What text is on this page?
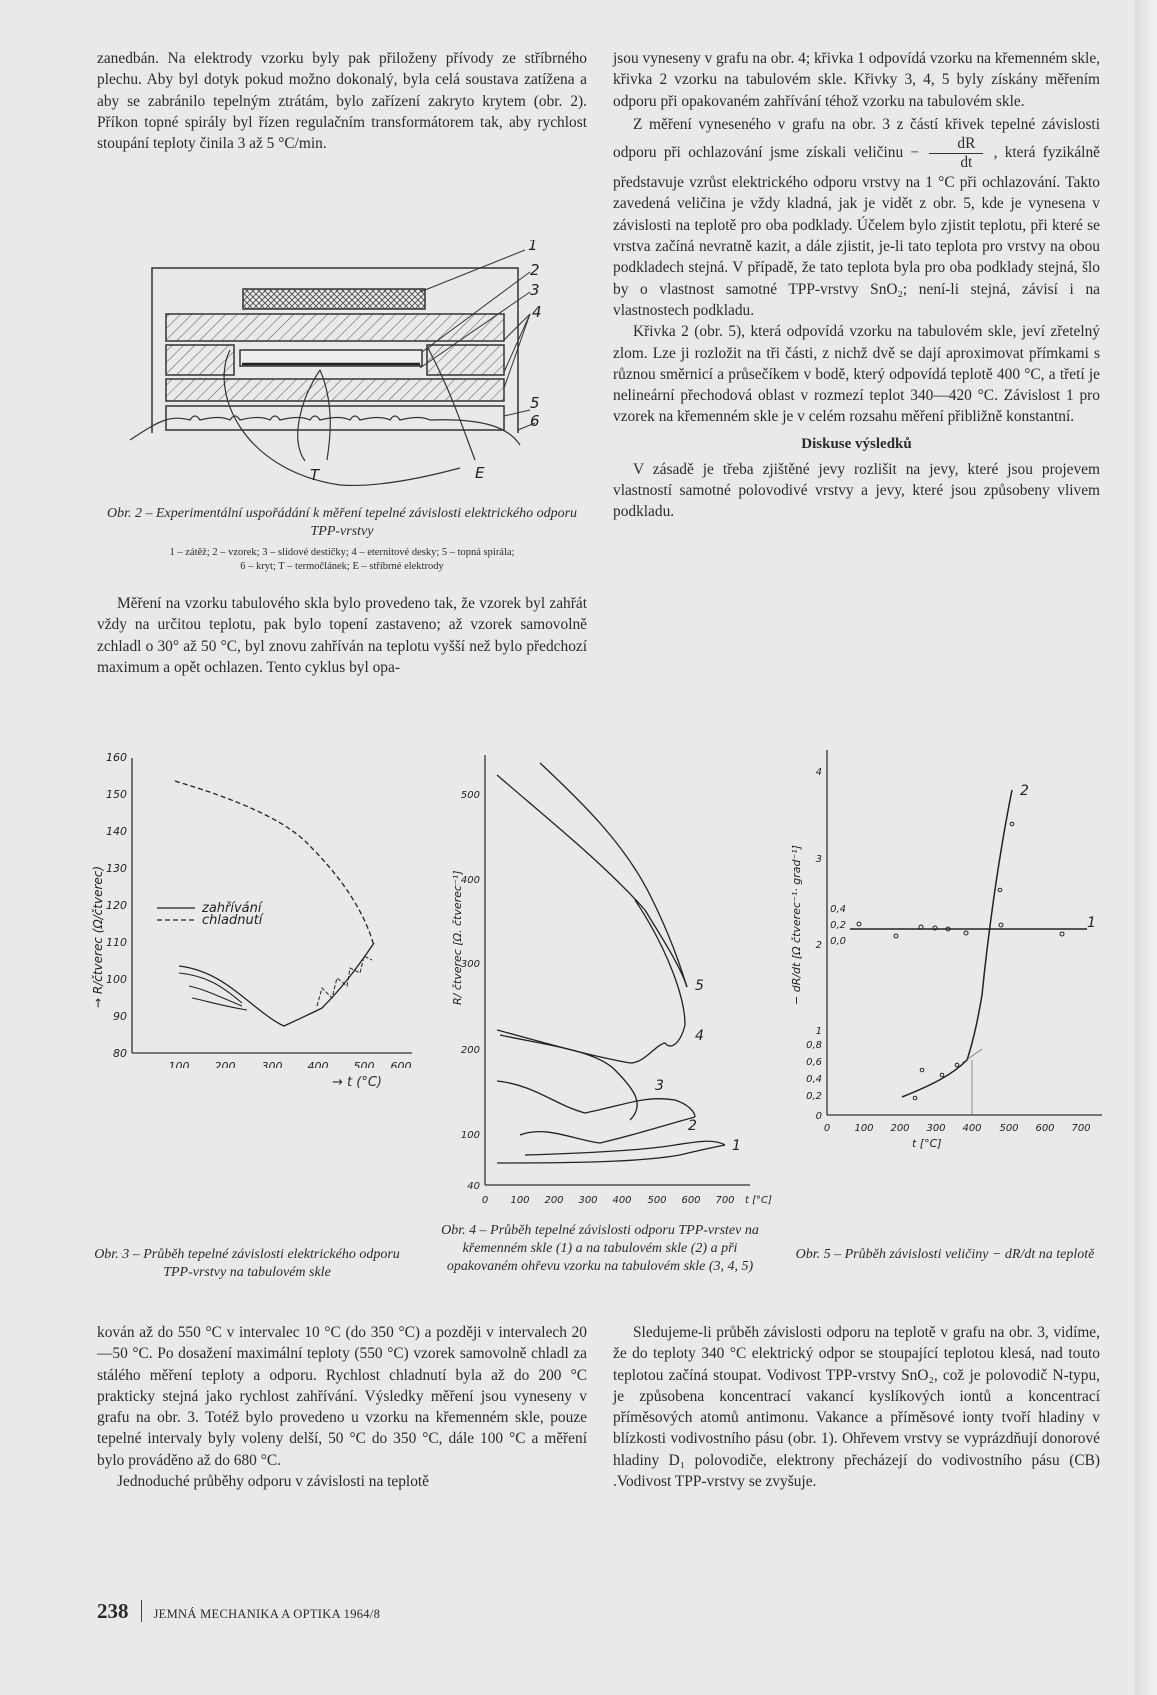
zanedbán. Na elektrody vzorku byly pak přiloženy přívody ze stříbrného plechu. Aby byl dotyk pokud možno dokonalý, byla celá soustava zatížena a aby se zabránilo tepelným ztrátám, bylo zařízení zakryto krytem (obr. 2). Příkon topné spirály byl řízen regulačním transformátorem tak, aby rychlost stoupání teploty činila 3 až 5 °C/min.

1
2
3
4
5
6
T	E
Obr. 2 – Experimentální uspořádání k měření tepelné závislosti elektrického odporu TPP-vrstvy
1 – zátěž; 2 – vzorek; 3 – slídové destičky; 4 – eternitové desky; 5 – topná spirála;
6 – kryt; T – termočlánek; E – stříbrné elektrody

Měření na vzorku tabulového skla bylo provedeno tak, že vzorek byl zahřát vždy na určitou teplotu, pak bylo topení zastaveno; až vzorek samovolně zchladl o 30° až 50 °C, byl znovu zahříván na teplotu vyšší než bylo předchozí maximum a opět ochlazen. Tento cyklus byl opa-

80
90
100
110
120
130
140
150
160
100 200 300 400 500 600
→ R/čtverec (Ω/čtverec)	zahřívání
chladnutí
→ t (°C)
40
100
200
300
400
500
0 100 200 300 400 500 600 700 t [°C]
R/ čtverec [Ω. čtverec⁻¹]
1
2
3
4
5
0
1
2
3
4
0,2
0,4
0,6
0,8
0,0
0,2
0,4
0 100 200 300 400 500 600 700
t [°C]
− dR/dt [Ω čtverec⁻¹· grad⁻¹]	1
2
Obr. 3 – Průběh tepelné závislosti elektrického odporu TPP-vrstvy na tabulovém skle
Obr. 4 – Průběh tepelné závislosti odporu TPP-vrstev na křemenném skle (1) a na tabulovém skle (2) a při opakovaném ohřevu vzorku na tabulovém skle (3, 4, 5)
Obr. 5 – Průběh závislosti veličiny − dR/dt na teplotě

kován až do 550 °C v intervalec 10 °C (do 350 °C) a později v intervalech 20—50 °C. Po dosažení maximální teploty (550 °C) vzorek samovolně chladl za stálého měření teploty a odporu. Rychlost chladnutí byla až do 200 °C prakticky stejná jako rychlost zahřívání. Výsledky měření jsou vyneseny v grafu na obr. 3. Totéž bylo provedeno u vzorku na křemenném skle, pouze tepelné intervaly byly voleny delší, 50 °C do 350 °C, dále 100 °C a měření bylo prováděno až do 680 °C.

Jednoduché průběhy odporu v závislosti na teplotě

jsou vyneseny v grafu na obr. 4; křivka 1 odpovídá vzorku na křemenném skle, křivka 2 vzorku na tabulovém skle. Křivky 3, 4, 5 byly získány měřením odporu při opakovaném zahřívání téhož vzorku na tabulovém skle.

Z měření vyneseného v grafu na obr. 3 z částí křivek tepelné závislosti odporu při ochlazování jsme získali veličinu − $\frac{dR}{dt}$ , která fyzikálně představuje vzrůst elektrického odporu vrstvy na 1 °C při ochlazování. Takto zavedená veličina je vždy kladná, jak je vidět z obr. 5, kde je vynesena v závislosti na teplotě pro oba podklady. Účelem bylo zjistit teplotu, při které se vrstva začíná nevratně kazit, a dále zjistit, je-li tato teplota pro vrstvy na obou podkladech stejná. V případě, že tato teplota byla pro oba podklady stejná, šlo by o vlastnost samotné TPP-vrstvy SnO₂; není-li stejná, závisí i na vlastnostech podkladu.

Křivka 2 (obr. 5), která odpovídá vzorku na tabulovém skle, jeví zřetelný zlom. Lze ji rozložit na tři části, z nichž dvě se dají aproximovat přímkami s různou směrnicí a průsečíkem v bodě, který odpovídá teplotě 400 °C, a třetí je nelineární přechodová oblast v rozmezí teplot 340—420 °C. Závislost 1 pro vzorek na křemenném skle je v celém rozsahu měření přibližně konstantní.

Diskuse výsledků

V zásadě je třeba zjištěné jevy rozlišit na jevy, které jsou projevem vlastností samotné polovodivé vrstvy a jevy, které jsou způsobeny vlivem podkladu.

Sledujeme-li průběh závislosti odporu na teplotě v grafu na obr. 3, vidíme, že do teploty 340 °C elektrický odpor se stoupající teplotou klesá, nad touto teplotou začíná stoupat. Vodivost TPP-vrstvy SnO₂, což je polovodič N-typu, je způsobena koncentrací vakancí kyslíkových iontů a koncentrací příměsových atomů antimonu. Vakance a příměsové ionty tvoří hladiny v blízkosti vodivostního pásu (obr. 1). Ohřevem vrstvy se vyprázdňují donorové hladiny D₁ polovodiče, elektrony přecházejí do vodivostního pásu (CB) .Vodivost TPP-vrstvy se zvyšuje.

238 JEMNÁ MECHANIKA A OPTIKA 1964/8
